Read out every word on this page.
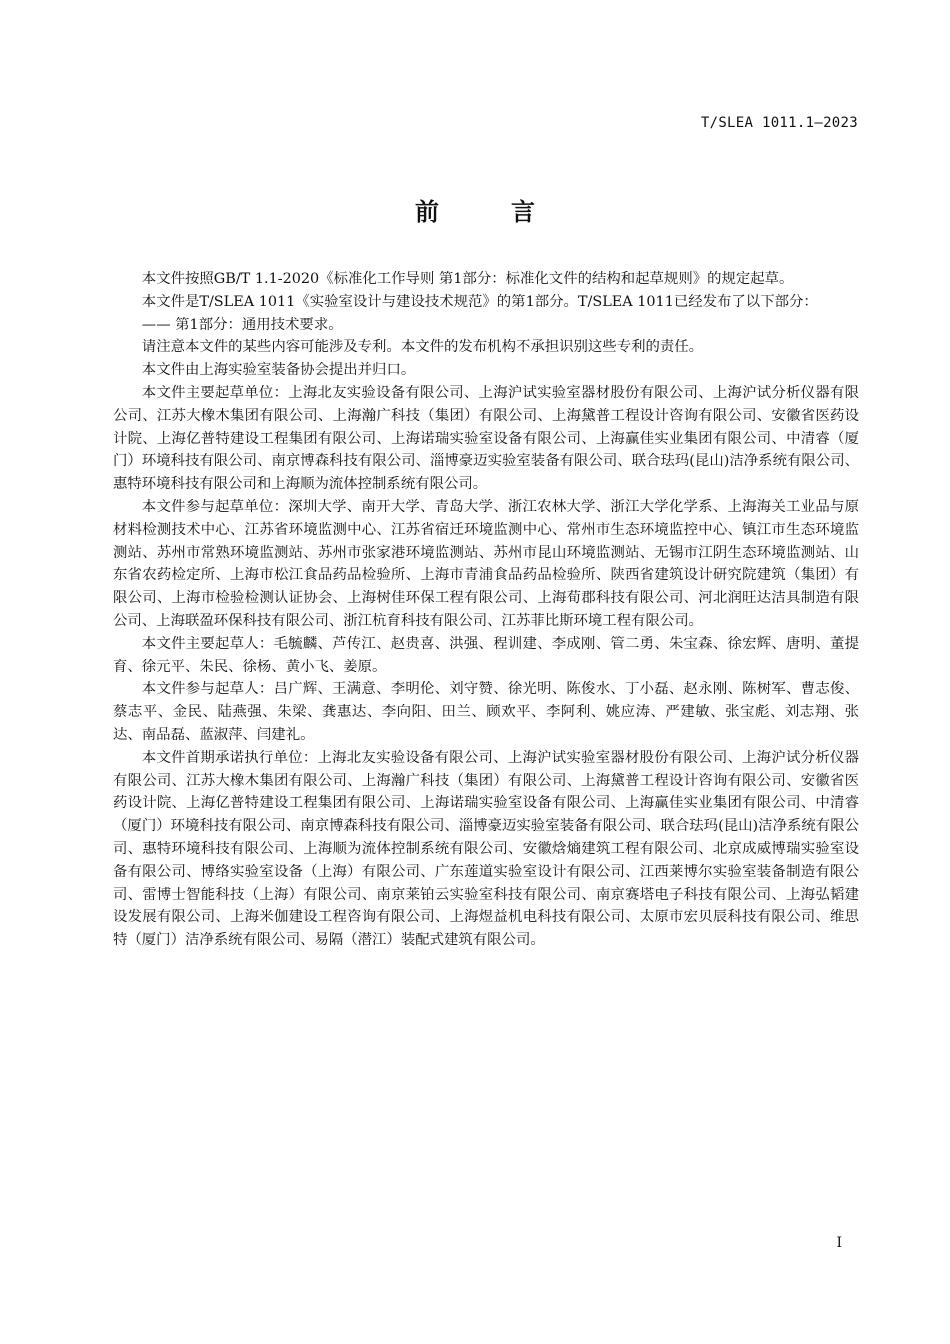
T/SLEA 1011.1—2023
前　言

本文件按照GB/T 1.1-2020《标准化工作导则 第1部分：标准化文件的结构和起草规则》的规定起草。

本文件是T/SLEA 1011《实验室设计与建设技术规范》的第1部分。T/SLEA 1011已经发布了以下部分：

—— 第1部分：通用技术要求。

请注意本文件的某些内容可能涉及专利。本文件的发布机构不承担识别这些专利的责任。

本文件由上海实验室装备协会提出并归口。

本文件主要起草单位：上海北友实验设备有限公司、上海沪试实验室器材股份有限公司、上海沪试分析仪器有限公司、江苏大橡木集团有限公司、上海瀚广科技（集团）有限公司、上海黛普工程设计咨询有限公司、安徽省医药设计院、上海亿普特建设工程集团有限公司、上海诺瑞实验室设备有限公司、上海赢佳实业集团有限公司、中清睿（厦门）环境科技有限公司、南京博森科技有限公司、淄博豪迈实验室装备有限公司、联合珐玛(昆山)洁净系统有限公司、惠特环境科技有限公司和上海顺为流体控制系统有限公司。

本文件参与起草单位：深圳大学、南开大学、青岛大学、浙江农林大学、浙江大学化学系、上海海关工业品与原材料检测技术中心、江苏省环境监测中心、江苏省宿迁环境监测中心、常州市生态环境监控中心、镇江市生态环境监测站、苏州市常熟环境监测站、苏州市张家港环境监测站、苏州市昆山环境监测站、无锡市江阴生态环境监测站、山东省农药检定所、上海市松江食品药品检验所、上海市青浦食品药品检验所、陕西省建筑设计研究院建筑（集团）有限公司、上海市检验检测认证协会、上海树佳环保工程有限公司、上海荀郡科技有限公司、河北润旺达洁具制造有限公司、上海联盈环保科技有限公司、浙江杭育科技有限公司、江苏菲比斯环境工程有限公司。

本文件主要起草人：毛毓麟、芦传江、赵贵喜、洪强、程训建、李成刚、管二勇、朱宝森、徐宏辉、唐明、董提育、徐元平、朱民、徐杨、黄小飞、姜原。

本文件参与起草人：吕广辉、王满意、李明伦、刘守赞、徐光明、陈俊水、丁小磊、赵永刚、陈树军、曹志俊、蔡志平、金民、陆燕强、朱梁、龚惠达、李向阳、田兰、顾欢平、李阿利、姚应涛、严建敏、张宝彪、刘志翔、张达、南品磊、蓝淑萍、闫建礼。

本文件首期承诺执行单位：上海北友实验设备有限公司、上海沪试实验室器材股份有限公司、上海沪试分析仪器有限公司、江苏大橡木集团有限公司、上海瀚广科技（集团）有限公司、上海黛普工程设计咨询有限公司、安徽省医药设计院、上海亿普特建设工程集团有限公司、上海诺瑞实验室设备有限公司、上海赢佳实业集团有限公司、中清睿（厦门）环境科技有限公司、南京博森科技有限公司、淄博豪迈实验室装备有限公司、联合珐玛(昆山)洁净系统有限公司、惠特环境科技有限公司、上海顺为流体控制系统有限公司、安徽焓熵建筑工程有限公司、北京成威博瑞实验室设备有限公司、博络实验室设备（上海）有限公司、广东莲道实验室设计有限公司、江西莱博尔实验室装备制造有限公司、雷博士智能科技（上海）有限公司、南京莱铂云实验室科技有限公司、南京赛塔电子科技有限公司、上海弘韬建设发展有限公司、上海米伽建设工程咨询有限公司、上海煜益机电科技有限公司、太原市宏贝辰科技有限公司、维思特（厦门）洁净系统有限公司、易隔（潜江）装配式建筑有限公司。

I
